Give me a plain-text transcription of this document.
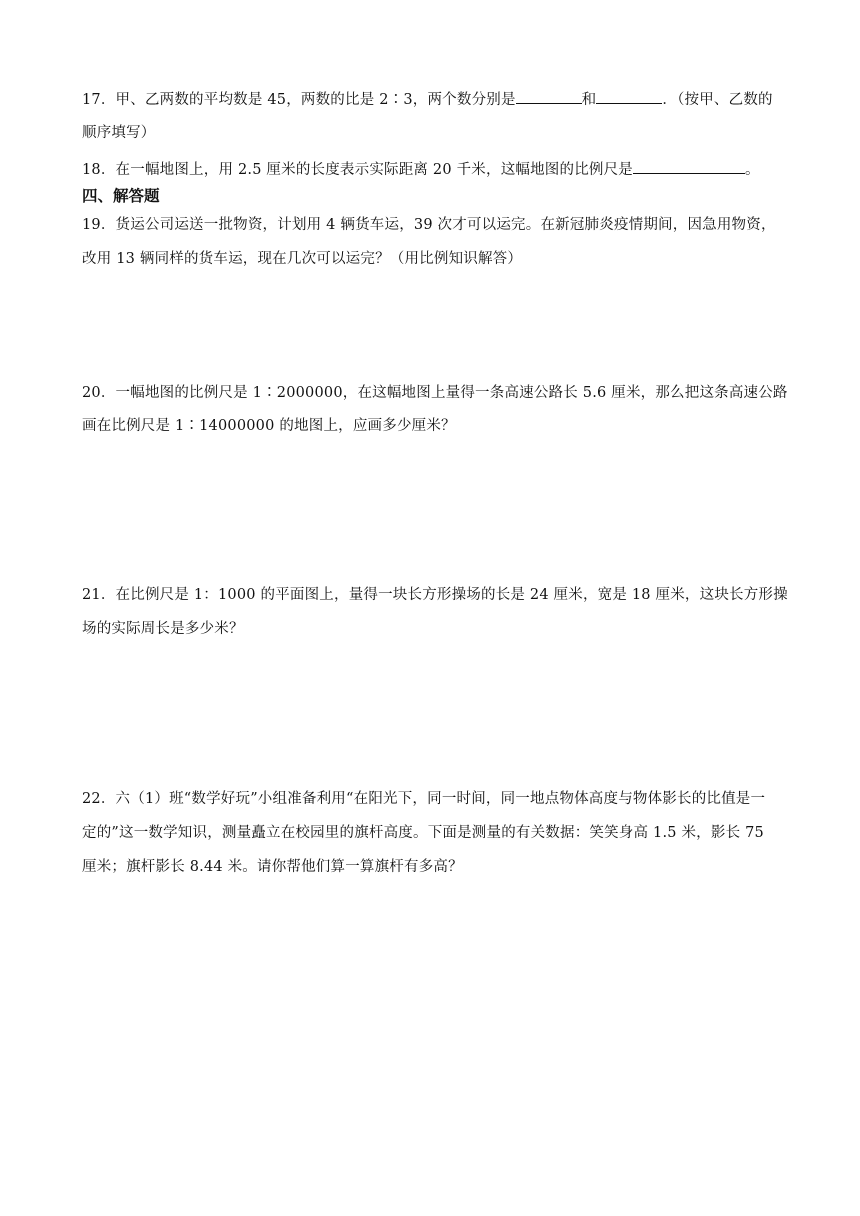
17．甲、乙两数的平均数是 45，两数的比是 2∶3，两个数分别是	和	．（按甲、乙数的
顺序填写）
18．在一幅地图上，用 2.5 厘米的长度表示实际距离 20 千米，这幅地图的比例尺是	。
四、解答题
19．货运公司运送一批物资，计划用 4 辆货车运，39 次才可以运完。在新冠肺炎疫情期间，因急用物资，
改用 13 辆同样的货车运，现在几次可以运完？（用比例知识解答）
20．一幅地图的比例尺是 1∶2000000，在这幅地图上量得一条高速公路长 5.6 厘米，那么把这条高速公路
画在比例尺是 1∶14000000 的地图上，应画多少厘米？
21．在比例尺是 1：1000 的平面图上，量得一块长方形操场的长是 24 厘米，宽是 18 厘米，这块长方形操
场的实际周长是多少米？
22．六（1）班“数学好玩”小组准备利用“在阳光下，同一时间，同一地点物体高度与物体影长的比值是一
定的”这一数学知识，测量矗立在校园里的旗杆高度。下面是测量的有关数据：笑笑身高 1.5 米，影长 75
厘米；旗杆影长 8.44 米。请你帮他们算一算旗杆有多高？
